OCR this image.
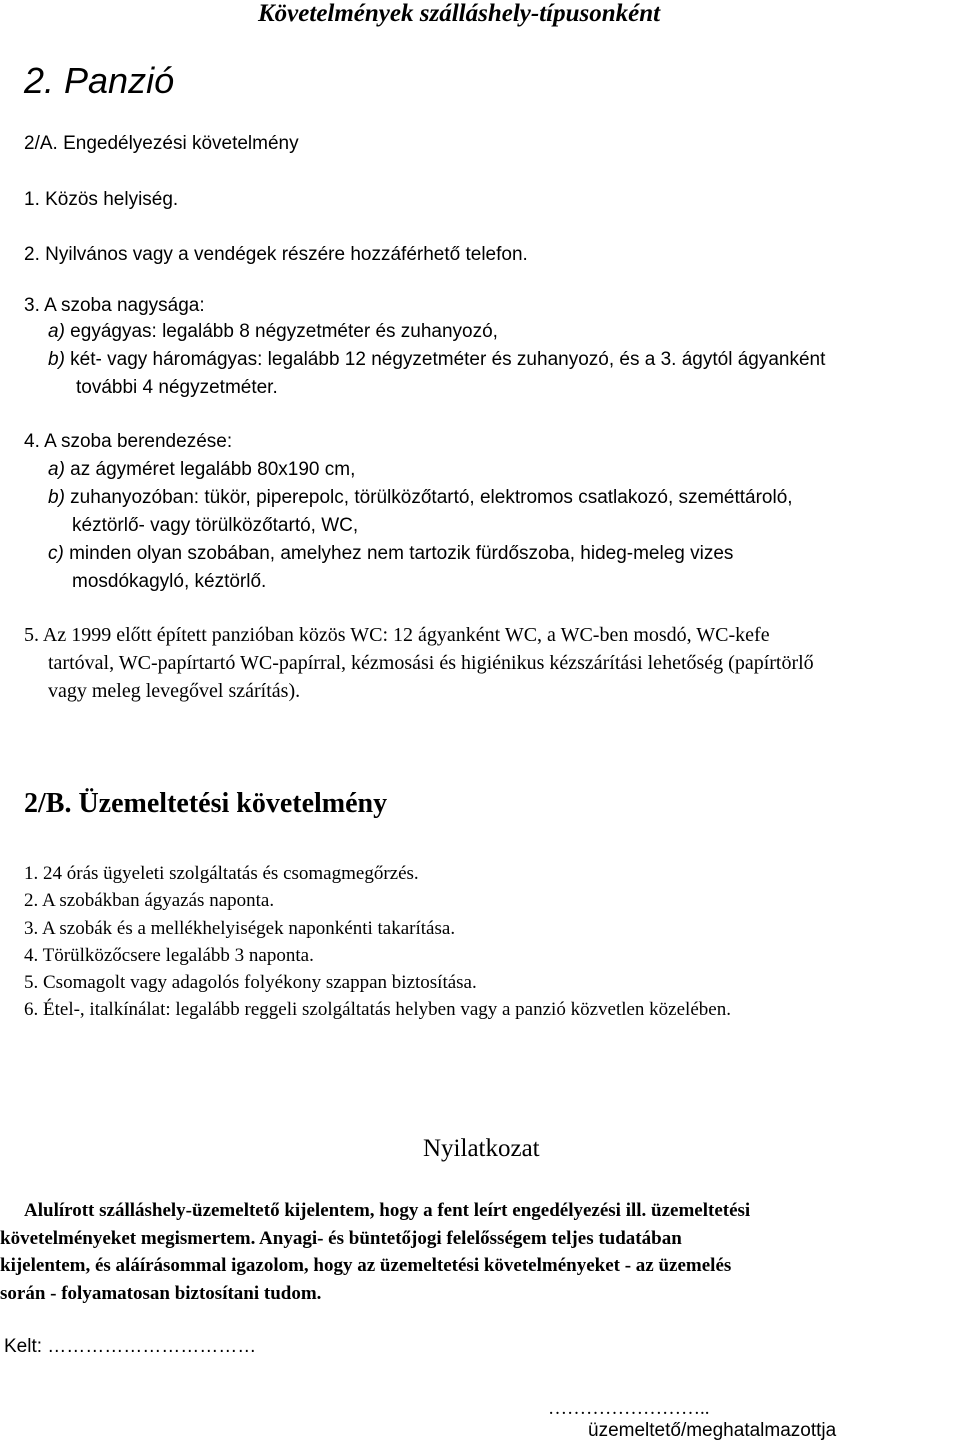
Követelmények szálláshely-típusonként
2. Panzió
2/A. Engedélyezési követelmény
1. Közös helyiség.
2. Nyilvános vagy a vendégek részére hozzáférhető telefon.
3. A szoba nagysága:
a) egyágyas: legalább 8 négyzetméter és zuhanyozó,
b) két- vagy háromágyas: legalább 12 négyzetméter és zuhanyozó, és a 3. ágytól ágyanként
további 4 négyzetméter.
4. A szoba berendezése:
a) az ágyméret legalább 80x190 cm,
b) zuhanyozóban: tükör, piperepolc, törülközőtartó, elektromos csatlakozó, szeméttároló,
kéztörlő- vagy törülközőtartó, WC,
c) minden olyan szobában, amelyhez nem tartozik fürdőszoba, hideg-meleg vizes
mosdókagyló, kéztörlő.
5. Az 1999 előtt épített panzióban közös WC: 12 ágyanként WC, a WC-ben mosdó, WC-kefe
tartóval, WC-papírtartó WC-papírral, kézmosási és higiénikus kézszárítási lehetőség (papírtörlő
vagy meleg levegővel szárítás).
2/B. Üzemeltetési követelmény
1. 24 órás ügyeleti szolgáltatás és csomagmegőrzés.
2. A szobákban ágyazás naponta.
3. A szobák és a mellékhelyiségek naponkénti takarítása.
4. Törülközőcsere legalább 3 naponta.
5. Csomagolt vagy adagolós folyékony szappan biztosítása.
6. Étel-, italkínálat: legalább reggeli szolgáltatás helyben vagy a panzió közvetlen közelében.
Nyilatkozat
Alulírott szálláshely-üzemeltető kijelentem, hogy a fent leírt engedélyezési ill. üzemeltetési
követelményeket megismertem. Anyagi- és büntetőjogi felelősségem teljes tudatában
kijelentem, és aláírásommal igazolom, hogy az üzemeltetési követelményeket - az üzemelés
során - folyamatosan biztosítani tudom.
Kelt: ……………………………
……………………..
üzemeltető/meghatalmazottja
